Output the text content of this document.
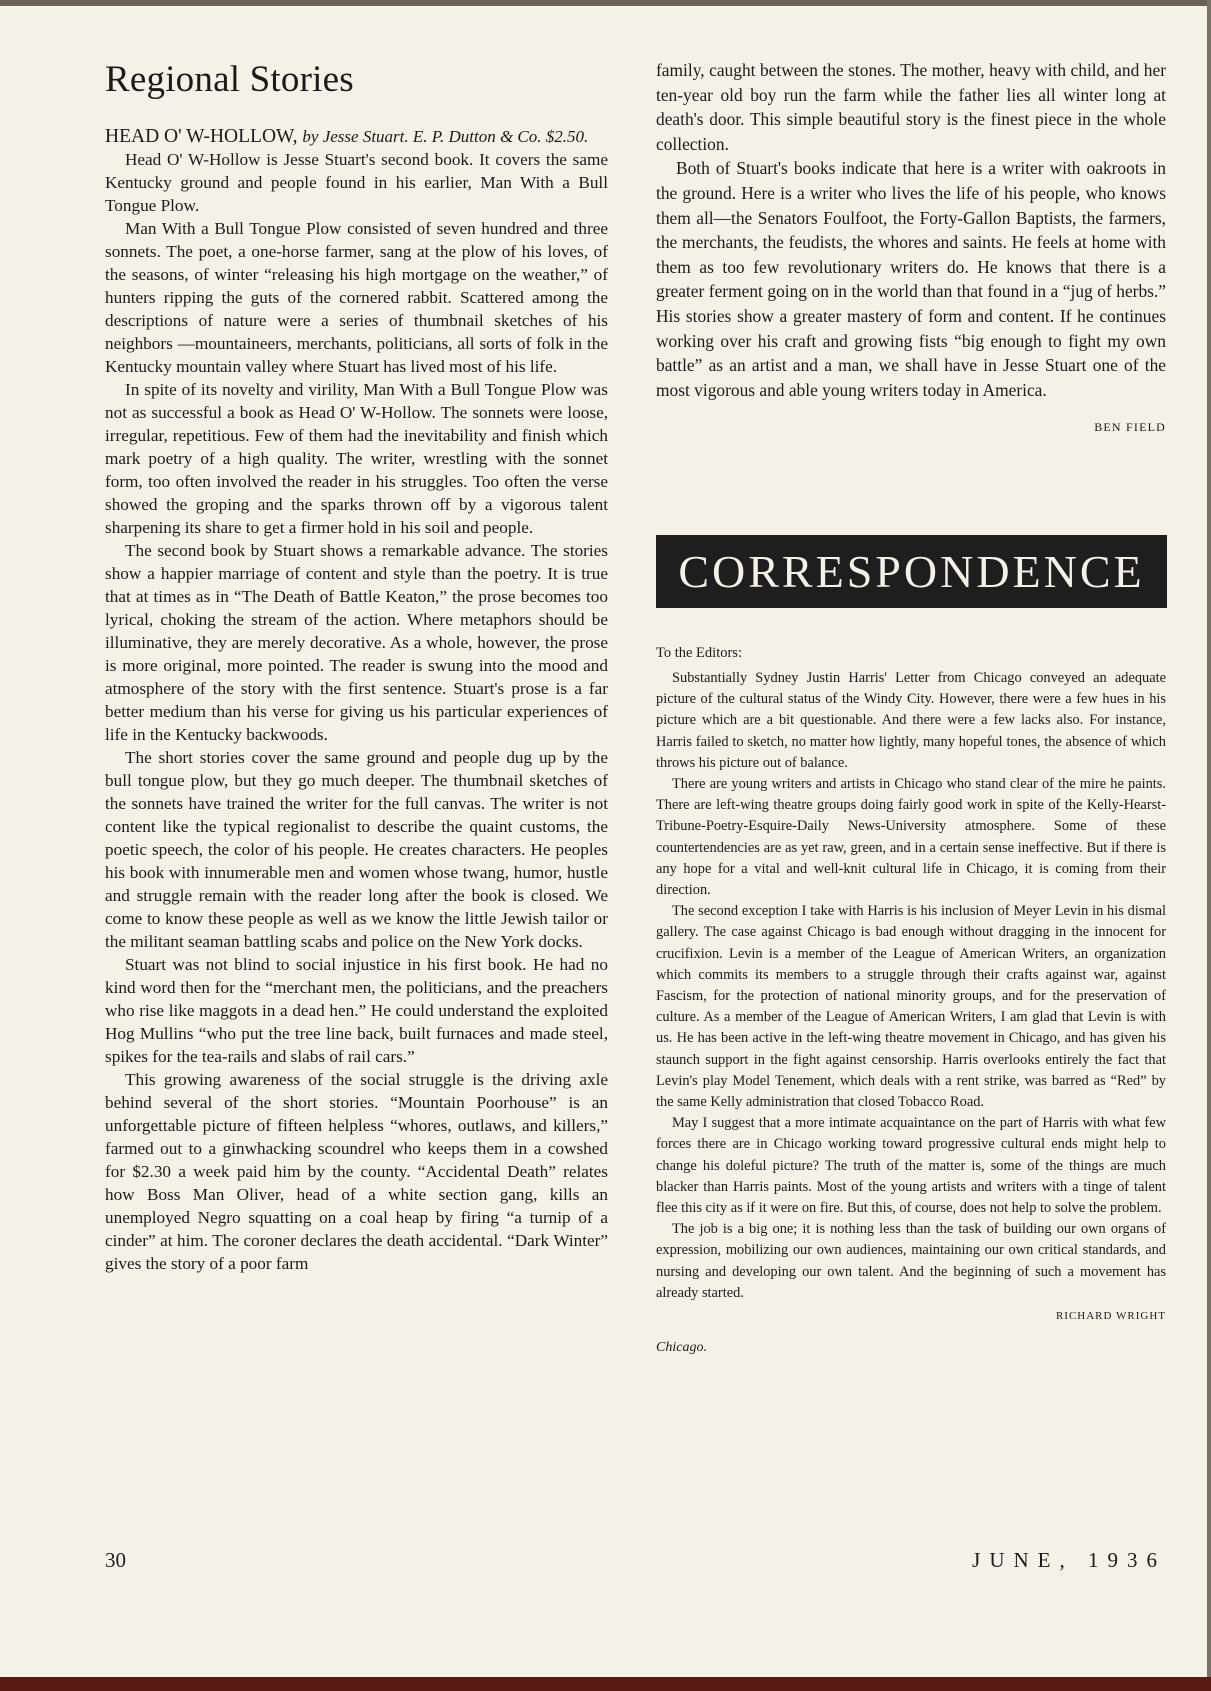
Regional Stories

HEAD O' W-HOLLOW, by Jesse Stuart. E. P. Dutton & Co. $2.50.

Head O' W-Hollow is Jesse Stuart's second book. It covers the same Kentucky ground and people found in his earlier, Man With a Bull Tongue Plow.

Man With a Bull Tongue Plow consisted of seven hundred and three sonnets. The poet, a one-horse farmer, sang at the plow of his loves, of the seasons, of winter “releasing his high mortgage on the weather,” of hunters ripping the guts of the cornered rabbit. Scattered among the descriptions of nature were a series of thumbnail sketches of his neighbors —mountaineers, merchants, politicians, all sorts of folk in the Kentucky mountain valley where Stuart has lived most of his life.

In spite of its novelty and virility, Man With a Bull Tongue Plow was not as successful a book as Head O' W-Hollow. The sonnets were loose, irregular, repetitious. Few of them had the inevitability and finish which mark poetry of a high quality. The writer, wrestling with the sonnet form, too often involved the reader in his struggles. Too often the verse showed the groping and the sparks thrown off by a vigorous talent sharpening its share to get a firmer hold in his soil and people.

The second book by Stuart shows a remarkable advance. The stories show a happier marriage of content and style than the poetry. It is true that at times as in “The Death of Battle Keaton,” the prose becomes too lyrical, choking the stream of the action. Where metaphors should be illuminative, they are merely decorative. As a whole, however, the prose is more original, more pointed. The reader is swung into the mood and atmosphere of the story with the first sentence. Stuart's prose is a far better medium than his verse for giving us his particular experiences of life in the Kentucky backwoods.

The short stories cover the same ground and people dug up by the bull tongue plow, but they go much deeper. The thumbnail sketches of the sonnets have trained the writer for the full canvas. The writer is not content like the typical regionalist to describe the quaint customs, the poetic speech, the color of his people. He creates characters. He peoples his book with innumerable men and women whose twang, humor, hustle and struggle remain with the reader long after the book is closed. We come to know these people as well as we know the little Jewish tailor or the militant seaman battling scabs and police on the New York docks.

Stuart was not blind to social injustice in his first book. He had no kind word then for the “merchant men, the politicians, and the preachers who rise like maggots in a dead hen.” He could understand the exploited Hog Mullins “who put the tree line back, built furnaces and made steel, spikes for the tea-rails and slabs of rail cars.”

This growing awareness of the social struggle is the driving axle behind several of the short stories. “Mountain Poorhouse” is an unforgettable picture of fifteen helpless “whores, outlaws, and killers,” farmed out to a ginwhacking scoundrel who keeps them in a cowshed for $2.30 a week paid him by the county. “Accidental Death” relates how Boss Man Oliver, head of a white section gang, kills an unemployed Negro squatting on a coal heap by firing “a turnip of a cinder” at him. The coroner declares the death accidental. “Dark Winter” gives the story of a poor farm

family, caught between the stones. The mother, heavy with child, and her ten-year old boy run the farm while the father lies all winter long at death's door. This simple beautiful story is the finest piece in the whole collection.

Both of Stuart's books indicate that here is a writer with oakroots in the ground. Here is a writer who lives the life of his people, who knows them all—the Senators Foulfoot, the Forty-Gallon Baptists, the farmers, the merchants, the feudists, the whores and saints. He feels at home with them as too few revolutionary writers do. He knows that there is a greater ferment going on in the world than that found in a “jug of herbs.” His stories show a greater mastery of form and content. If he continues working over his craft and growing fists “big enough to fight my own battle” as an artist and a man, we shall have in Jesse Stuart one of the most vigorous and able young writers today in America.

BEN FIELD

CORRESPONDENCE

To the Editors:

Substantially Sydney Justin Harris' Letter from Chicago conveyed an adequate picture of the cultural status of the Windy City. However, there were a few hues in his picture which are a bit questionable. And there were a few lacks also. For instance, Harris failed to sketch, no matter how lightly, many hopeful tones, the absence of which throws his picture out of balance.

There are young writers and artists in Chicago who stand clear of the mire he paints. There are left-wing theatre groups doing fairly good work in spite of the Kelly-Hearst-Tribune-Poetry-Esquire-Daily News-University atmosphere. Some of these countertendencies are as yet raw, green, and in a certain sense ineffective. But if there is any hope for a vital and well-knit cultural life in Chicago, it is coming from their direction.

The second exception I take with Harris is his inclusion of Meyer Levin in his dismal gallery. The case against Chicago is bad enough without dragging in the innocent for crucifixion. Levin is a member of the League of American Writers, an organization which commits its members to a struggle through their crafts against war, against Fascism, for the protection of national minority groups, and for the preservation of culture. As a member of the League of American Writers, I am glad that Levin is with us. He has been active in the left-wing theatre movement in Chicago, and has given his staunch support in the fight against censorship. Harris overlooks entirely the fact that Levin's play Model Tenement, which deals with a rent strike, was barred as “Red” by the same Kelly administration that closed Tobacco Road.

May I suggest that a more intimate acquaintance on the part of Harris with what few forces there are in Chicago working toward progressive cultural ends might help to change his doleful picture? The truth of the matter is, some of the things are much blacker than Harris paints. Most of the young artists and writers with a tinge of talent flee this city as if it were on fire. But this, of course, does not help to solve the problem.

The job is a big one; it is nothing less than the task of building our own organs of expression, mobilizing our own audiences, maintaining our own critical standards, and nursing and developing our own talent. And the beginning of such a movement has already started.

RICHARD WRIGHT

Chicago.

30	JUNE, 1936
